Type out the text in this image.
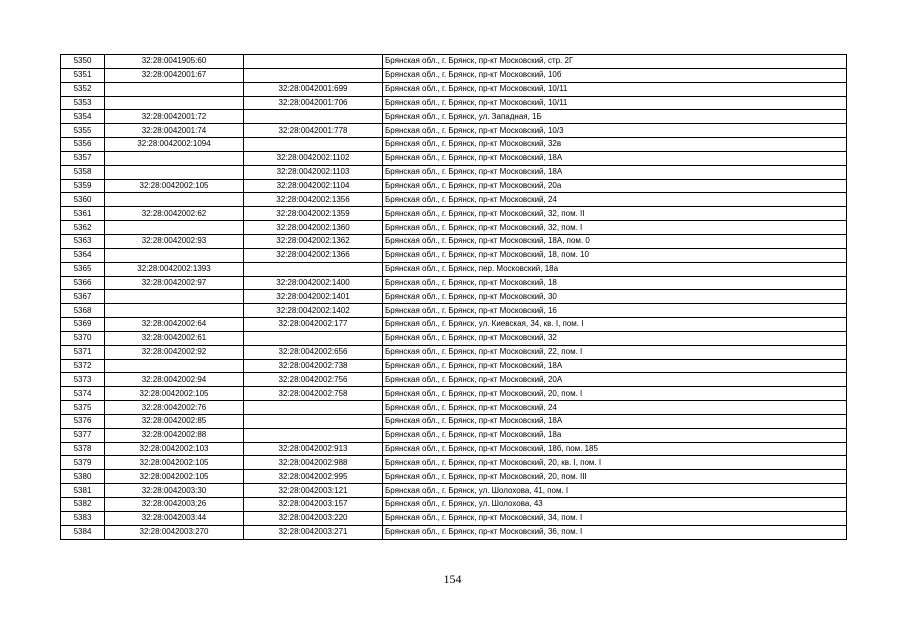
5350	32:28:0041905:60		Брянская обл., г. Брянск, пр-кт Московский, стр. 2Г
5351	32:28:0042001:67		Брянская обл., г. Брянск, пр-кт Московский, 10б
5352		32:28:0042001:699	Брянская обл., г. Брянск, пр-кт Московский, 10/11
5353		32:28:0042001:706	Брянская обл., г. Брянск, пр-кт Московский, 10/11
5354	32:28:0042001:72		Брянская обл., г. Брянск, ул. Западная, 1Б
5355	32:28:0042001:74	32:28:0042001:778	Брянская обл., г. Брянск, пр-кт Московский, 10/3
5356	32:28:0042002:1094		Брянская обл., г. Брянск, пр-кт Московский, 32в
5357		32:28:0042002:1102	Брянская обл., г. Брянск, пр-кт Московский, 18А
5358		32:28:0042002:1103	Брянская обл., г. Брянск, пр-кт Московский, 18А
5359	32:28:0042002:105	32:28:0042002:1104	Брянская обл., г. Брянск, пр-кт Московский, 20а
5360		32:28:0042002:1356	Брянская обл., г. Брянск, пр-кт Московский, 24
5361	32:28:0042002:62	32:28:0042002:1359	Брянская обл., г. Брянск, пр-кт Московский, 32, пом. II
5362		32:28:0042002:1360	Брянская обл., г. Брянск, пр-кт Московский, 32, пом. I
5363	32:28:0042002:93	32:28:0042002:1362	Брянская обл., г. Брянск, пр-кт Московский, 18А, пом. 0
5364		32:28:0042002:1366	Брянская обл., г. Брянск, пр-кт Московский, 18, пом. 10
5365	32:28:0042002:1393		Брянская обл., г. Брянск, пер. Московский, 18а
5366	32:28:0042002:97	32:28:0042002:1400	Брянская обл., г. Брянск, пр-кт Московский, 18
5367		32:28:0042002:1401	Брянская обл., г. Брянск, пр-кт Московский, 30
5368		32:28:0042002:1402	Брянская обл., г. Брянск, пр-кт Московский, 16
5369	32:28:0042002:64	32:28:0042002:177	Брянская обл., г. Брянск, ул. Киевская, 34, кв. I, пом. I
5370	32:28:0042002:61		Брянская обл., г. Брянск, пр-кт Московский, 32
5371	32:28:0042002:92	32:28:0042002:656	Брянская обл., г. Брянск, пр-кт Московский, 22, пом. I
5372		32:28:0042002:738	Брянская обл., г. Брянск, пр-кт Московский, 18А
5373	32:28:0042002:94	32:28:0042002:756	Брянская обл., г. Брянск, пр-кт Московский, 20А
5374	32:28:0042002:105	32:28:0042002:758	Брянская обл., г. Брянск, пр-кт Московский, 20, пом. I
5375	32:28:0042002:76		Брянская обл., г. Брянск, пр-кт Московский, 24
5376	32:28:0042002:85		Брянская обл., г. Брянск, пр-кт Московский, 18А
5377	32:28:0042002:88		Брянская обл., г. Брянск, пр-кт Московский, 18а
5378	32:28:0042002:103	32:28:0042002:913	Брянская обл., г. Брянск, пр-кт Московский, 18б, пом. 185
5379	32:28:0042002:105	32:28:0042002:988	Брянская обл., г. Брянск, пр-кт Московский, 20, кв. I, пом. I
5380	32:28:0042002:105	32:28:0042002:995	Брянская обл., г. Брянск, пр-кт Московский, 20, пом. III
5381	32:28:0042003:30	32:28:0042003:121	Брянская обл., г. Брянск, ул. Шолохова, 41, пом. I
5382	32:28:0042003:26	32:28:0042003:157	Брянская обл., г. Брянск, ул. Шолохова, 43
5383	32:28:0042003:44	32:28:0042003:220	Брянская обл., г. Брянск, пр-кт Московский, 34, пом. I
5384	32:28:0042003:270	32:28:0042003:271	Брянская обл., г. Брянск, пр-кт Московский, 36, пом. I
154
